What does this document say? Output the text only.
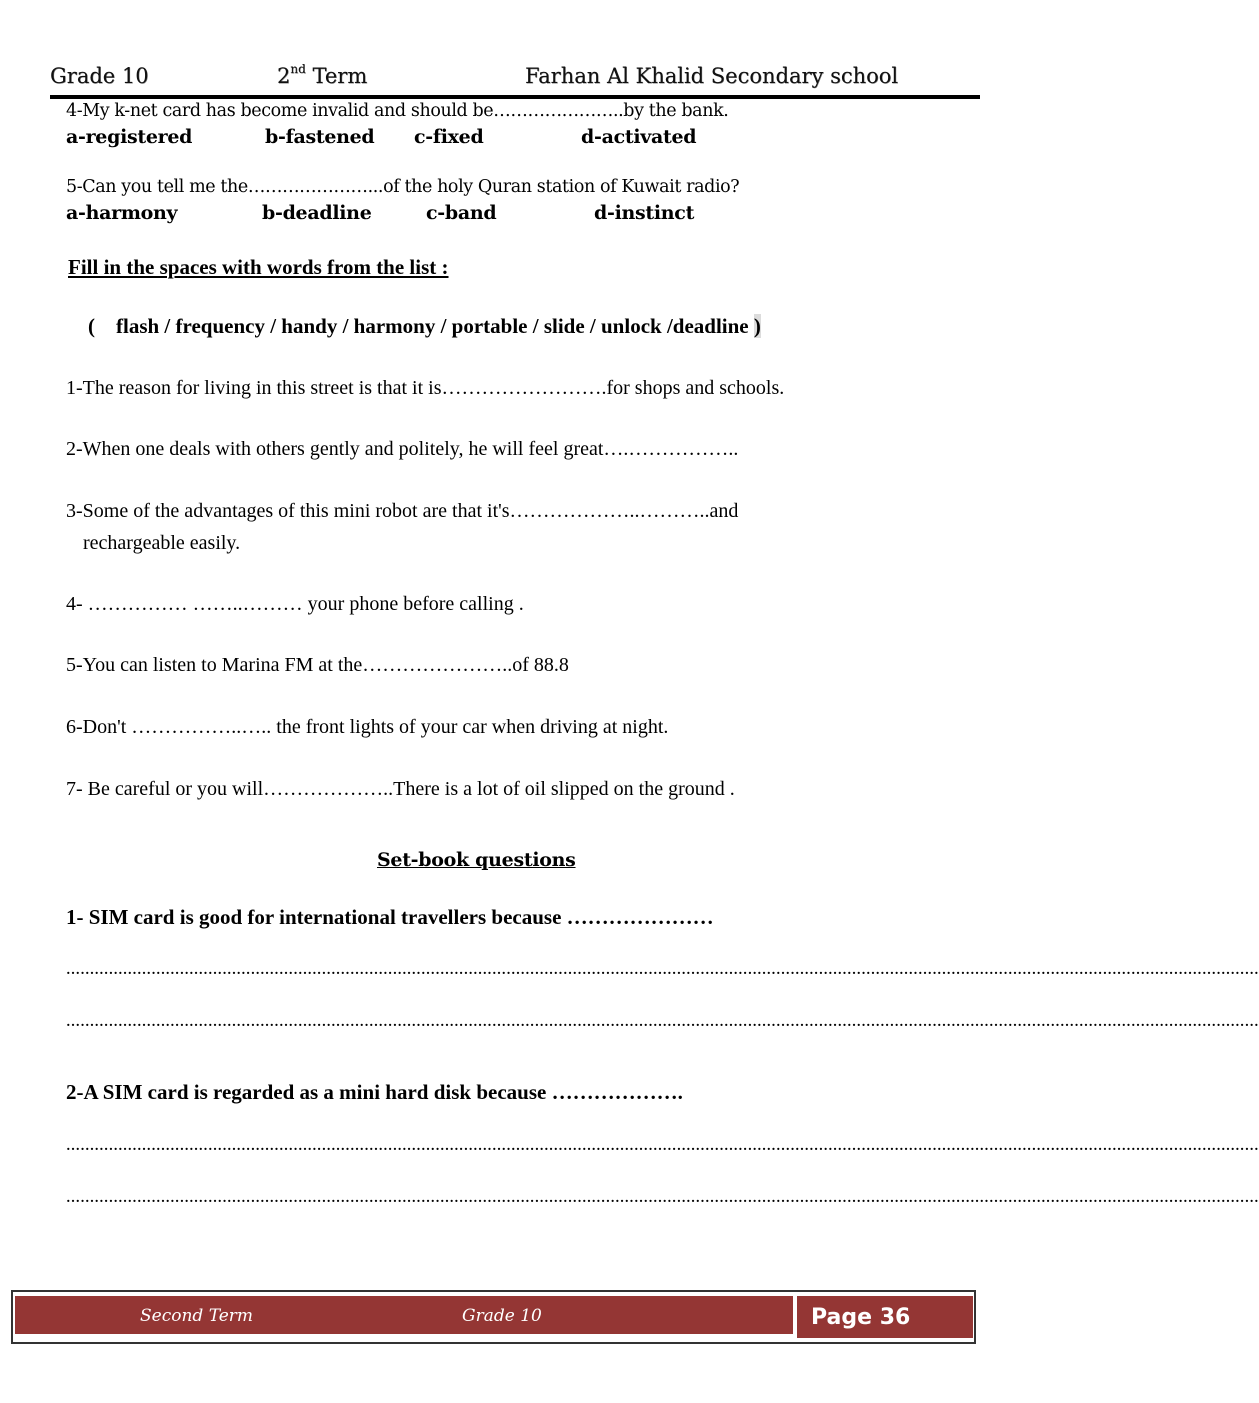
Grade 10	2nd Term	Farhan Al Khalid Secondary school
4-My k-net card has become invalid and should be…………………..by the bank.
a-registered	b-fastened c-fixed	d-activated
5-Can you tell me the…………………...of the holy Quran station of Kuwait radio?
a-harmony	b-deadline	c-band	d-instinct
Fill in the spaces with words from the list :
( flash / frequency / handy / harmony / portable / slide / unlock /deadline )
1-The reason for living in this street is that it is…………………….for shops and schools.
2-When one deals with others gently and politely, he will feel great….……………..
3-Some of the advantages of this mini robot are that it's………………..………..and
rechargeable easily.
4- …………… ……..……… your phone before calling .
5-You can listen to Marina FM at the…………………..of 88.8
6-Don't ……………..….. the front lights of your car when driving at night.
7- Be careful or you will………………..There is a lot of oil slipped on the ground .
Set-book questions
1- SIM card is good for international travellers because …………………
………………………………………………………………………………………………………………………………………………………………………………………………………………………………
………………………………………………………………………………………………………………………………………………………………………………………………………………………………
2-A SIM card is regarded as a mini hard disk because ……………….
………………………………………………………………………………………………………………………………………………………………………………………………………………………………
………………………………………………………………………………………………………………………………………………………………………………………………………………………………
Second Term	Grade 10	Page 36
